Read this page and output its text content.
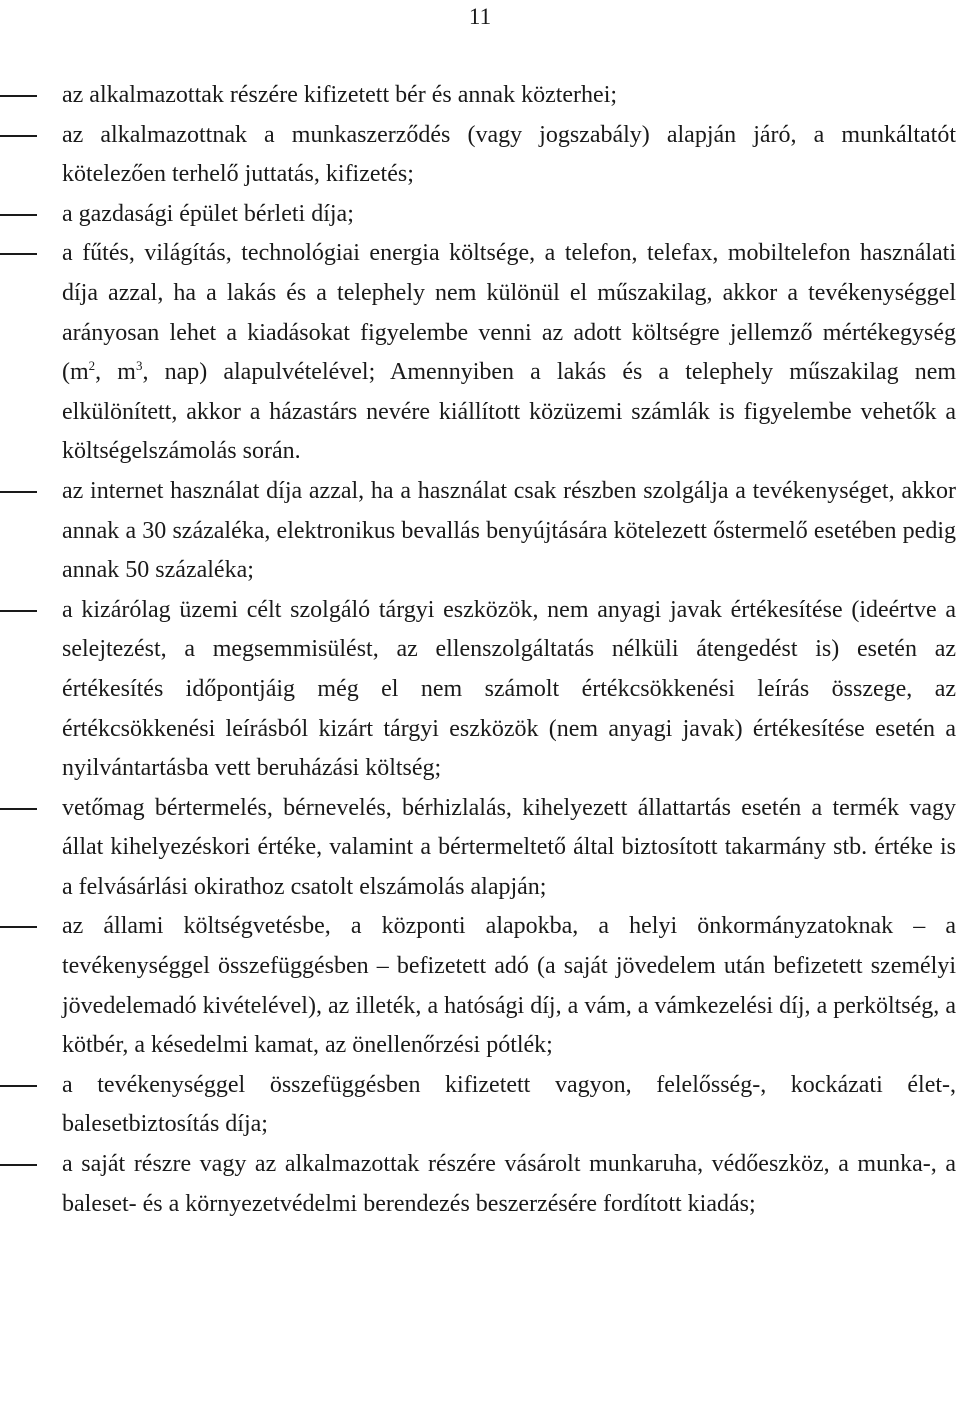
11
az alkalmazottak részére kifizetett bér és annak közterhei;
az alkalmazottnak a munkaszerződés (vagy jogszabály) alapján járó, a munkáltatót kötelezően terhelő juttatás, kifizetés;
a gazdasági épület bérleti díja;
a fűtés, világítás, technológiai energia költsége, a telefon, telefax, mobiltelefon használati díja azzal, ha a lakás és a telephely nem különül el műszakilag, akkor a tevékenységgel arányosan lehet a kiadásokat figyelembe venni az adott költségre jellemző mértékegység ($m^2$, $m^3$, nap) alapulvételével; Amennyiben a lakás és a telephely műszakilag nem elkülönített, akkor a házastárs nevére kiállított közüzemi számlák is figyelembe vehetők a költségelszámolás során.
az internet használat díja azzal, ha a használat csak részben szolgálja a tevékenységet, akkor annak a 30 százaléka, elektronikus bevallás benyújtására kötelezett őstermelő esetében pedig annak 50 százaléka;
a kizárólag üzemi célt szolgáló tárgyi eszközök, nem anyagi javak értékesítése (ideértve a selejtezést, a megsemmisülést, az ellenszolgáltatás nélküli átengedést is) esetén az értékesítés időpontjáig még el nem számolt értékcsökkenési leírás összege, az értékcsökkenési leírásból kizárt tárgyi eszközök (nem anyagi javak) értékesítése esetén a nyilvántartásba vett beruházási költség;
vetőmag bértermelés, bérnevelés, bérhizlalás, kihelyezett állattartás esetén a termék vagy állat kihelyezéskori értéke, valamint a bértermeltető által biztosított takarmány stb. értéke is a felvásárlási okirathoz csatolt elszámolás alapján;
az állami költségvetésbe, a központi alapokba, a helyi önkormányzatoknak – a tevékenységgel összefüggésben – befizetett adó (a saját jövedelem után befizetett személyi jövedelemadó kivételével), az illeték, a hatósági díj, a vám, a vámkezelési díj, a perköltség, a kötbér, a késedelmi kamat, az önellenőrzési pótlék;
a tevékenységgel összefüggésben kifizetett vagyon, felelősség-, kockázati élet-, balesetbiztosítás díja;
a saját részre vagy az alkalmazottak részére vásárolt munkaruha, védőeszköz, a munka-, a baleset- és a környezetvédelmi berendezés beszerzésére fordított kiadás;
